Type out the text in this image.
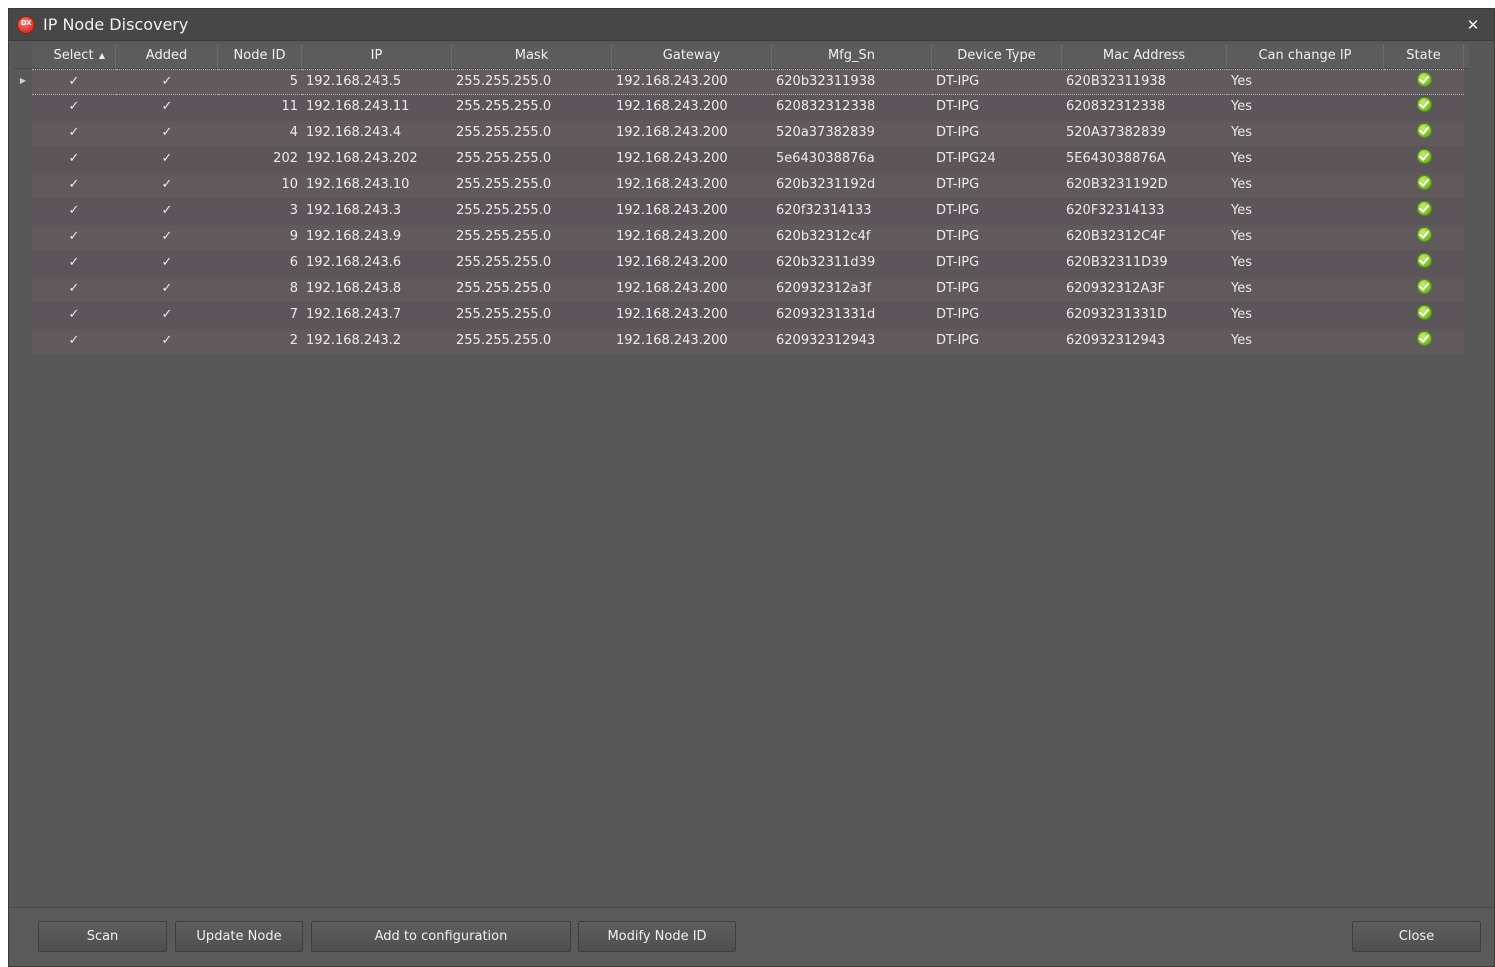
DX IP Node Discovery	✕
Select ▲	Added	Node ID	IP	Mask	Gateway	Mfg_Sn	Device Type	Mac Address	Can change IP	State
▶	✓	✓	5 192.168.243.5	255.255.255.0	192.168.243.200	620b32311938	DT-IPG	620B32311938	Yes
✓	✓	11 192.168.243.11	255.255.255.0	192.168.243.200	620832312338	DT-IPG	620832312338	Yes
✓	✓	4 192.168.243.4	255.255.255.0	192.168.243.200	520a37382839	DT-IPG	520A37382839	Yes
✓	✓	202 192.168.243.202	255.255.255.0	192.168.243.200	5e643038876a	DT-IPG24	5E643038876A	Yes
✓	✓	10 192.168.243.10	255.255.255.0	192.168.243.200	620b3231192d	DT-IPG	620B3231192D	Yes
✓	✓	3 192.168.243.3	255.255.255.0	192.168.243.200	620f32314133	DT-IPG	620F32314133	Yes
✓	✓	9 192.168.243.9	255.255.255.0	192.168.243.200	620b32312c4f	DT-IPG	620B32312C4F	Yes
✓	✓	6 192.168.243.6	255.255.255.0	192.168.243.200	620b32311d39	DT-IPG	620B32311D39	Yes
✓	✓	8 192.168.243.8	255.255.255.0	192.168.243.200	620932312a3f	DT-IPG	620932312A3F	Yes
✓	✓	7 192.168.243.7	255.255.255.0	192.168.243.200	62093231331d	DT-IPG	62093231331D	Yes
✓	✓	2 192.168.243.2	255.255.255.0	192.168.243.200	620932312943	DT-IPG	620932312943	Yes
Scan	Update Node	Add to configuration	Modify Node ID	Close
